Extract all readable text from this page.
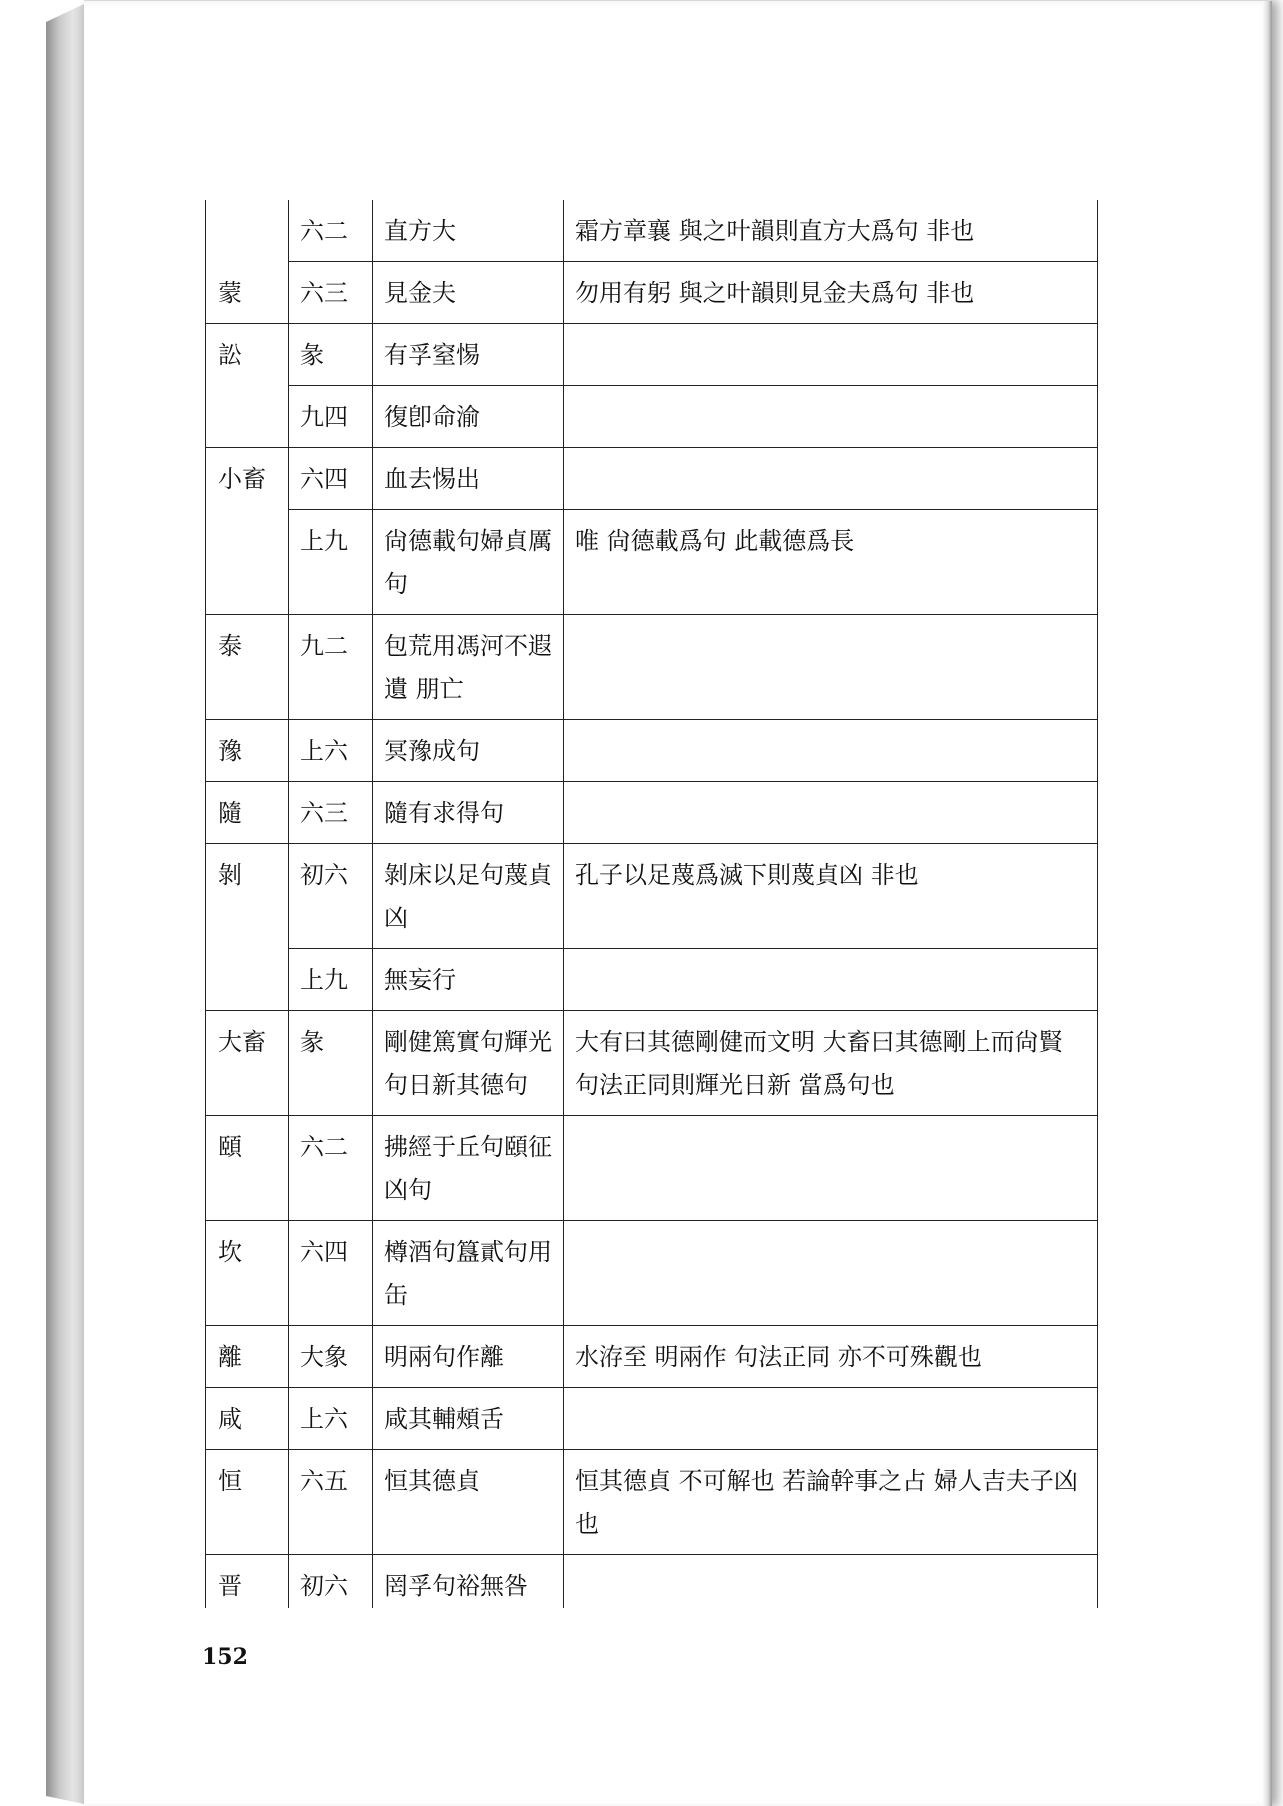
	六二	直方大	霜方章襄 與之叶韻則直方大爲句 非也
蒙	六三	見金夫	勿用有躬 與之叶韻則見金夫爲句 非也
訟	彖	有孚窒惕	
	九四	復卽命渝	
小畜	六四	血去惕出	
	上九	尙德載句婦貞厲句	唯 尙德載爲句 此載德爲長
泰	九二	包荒用馮河不遐遺 朋亡	
豫	上六	冥豫成句	
隨	六三	隨有求得句	
剝	初六	剝床以足句蔑貞凶	孔子以足蔑爲滅下則蔑貞凶 非也
	上九	無妄行	
大畜	彖	剛健篤實句輝光句日新其德句	大有曰其德剛健而文明 大畜曰其德剛上而尙賢 句法正同則輝光日新 當爲句也
頤	六二	拂經于丘句頤征凶句	
坎	六四	樽酒句簋貳句用缶	
離	大象	明兩句作離	水洊至 明兩作 句法正同 亦不可殊觀也
咸	上六	咸其輔頰舌	
恒	六五	恒其德貞	恒其德貞 不可解也 若論幹事之占 婦人吉夫子凶也
晋	初六	罔孚句裕無咎	
152
